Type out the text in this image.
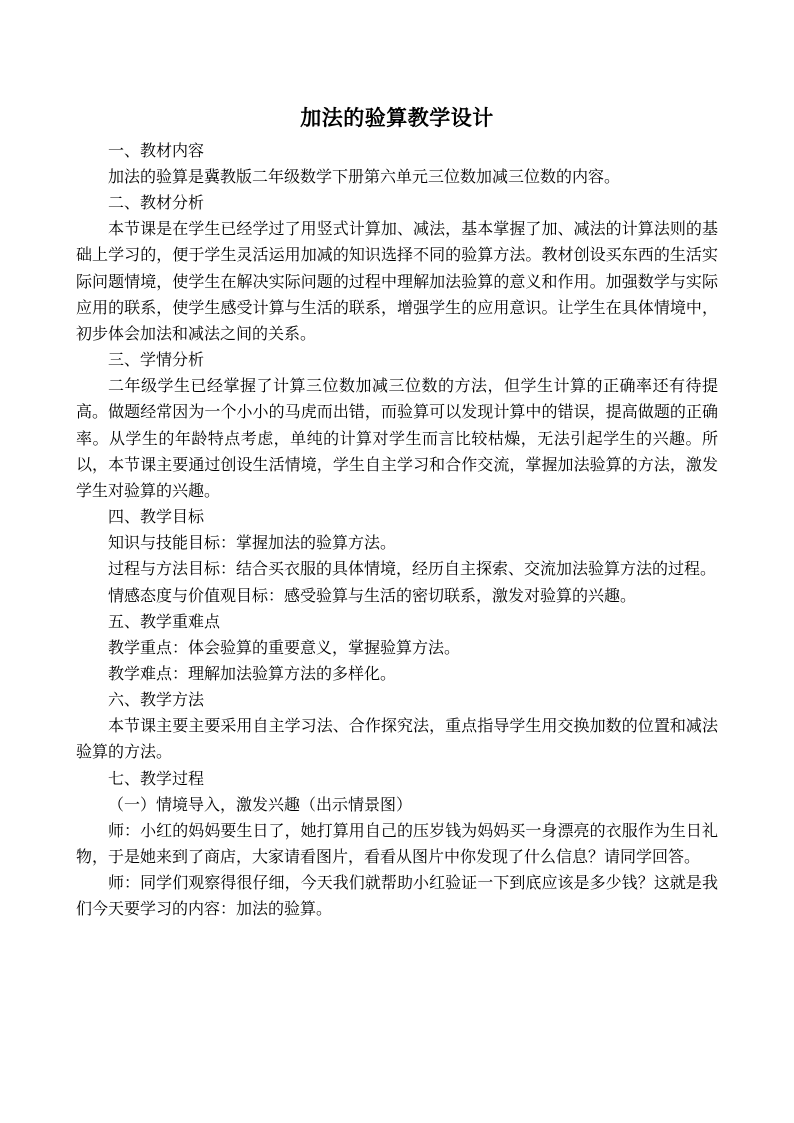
加法的验算教学设计

一、教材内容

加法的验算是冀教版二年级数学下册第六单元三位数加减三位数的内容。

二、教材分析

本节课是在学生已经学过了用竖式计算加、减法，基本掌握了加、减法的计算法则的基础上学习的，便于学生灵活运用加减的知识选择不同的验算方法。教材创设买东西的生活实际问题情境，使学生在解决实际问题的过程中理解加法验算的意义和作用。加强数学与实际应用的联系，使学生感受计算与生活的联系，增强学生的应用意识。让学生在具体情境中，初步体会加法和减法之间的关系。

三、学情分析

二年级学生已经掌握了计算三位数加减三位数的方法，但学生计算的正确率还有待提高。做题经常因为一个小小的马虎而出错，而验算可以发现计算中的错误，提高做题的正确率。从学生的年龄特点考虑，单纯的计算对学生而言比较枯燥，无法引起学生的兴趣。所以，本节课主要通过创设生活情境，学生自主学习和合作交流，掌握加法验算的方法，激发学生对验算的兴趣。

四、教学目标

知识与技能目标：掌握加法的验算方法。

过程与方法目标：结合买衣服的具体情境，经历自主探索、交流加法验算方法的过程。

情感态度与价值观目标：感受验算与生活的密切联系，激发对验算的兴趣。

五、教学重难点

教学重点：体会验算的重要意义，掌握验算方法。

教学难点：理解加法验算方法的多样化。

六、教学方法

本节课主要主要采用自主学习法、合作探究法，重点指导学生用交换加数的位置和减法验算的方法。

七、教学过程

（一）情境导入，激发兴趣（出示情景图）

师：小红的妈妈要生日了，她打算用自己的压岁钱为妈妈买一身漂亮的衣服作为生日礼物，于是她来到了商店，大家请看图片，看看从图片中你发现了什么信息？请同学回答。

师：同学们观察得很仔细，今天我们就帮助小红验证一下到底应该是多少钱？这就是我们今天要学习的内容：加法的验算。
